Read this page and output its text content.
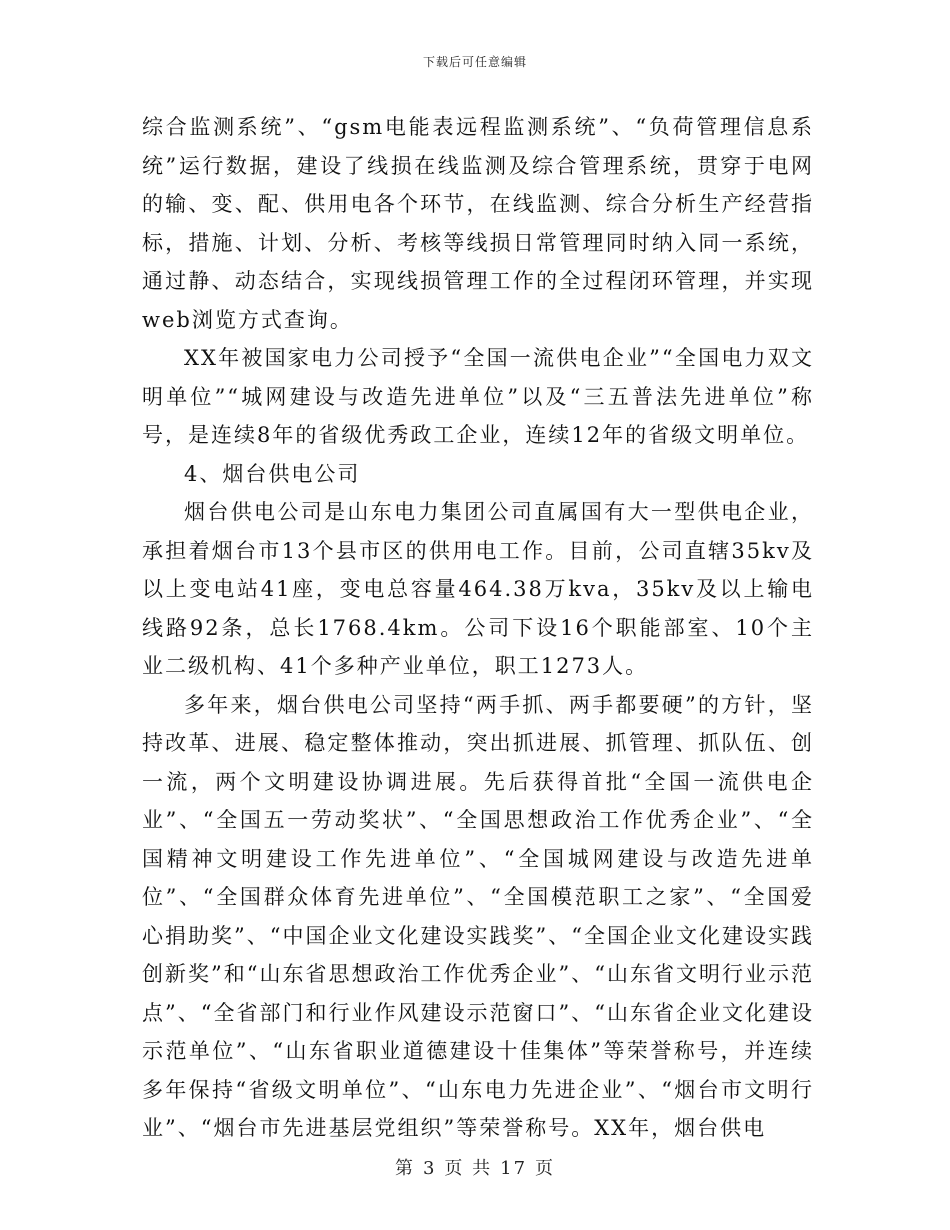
下载后可任意编辑

综合监测系统”、“gsm电能表远程监测系统”、“负荷管理信息系统”运行数据，建设了线损在线监测及综合管理系统，贯穿于电网的输、变、配、供用电各个环节，在线监测、综合分析生产经营指标，措施、计划、分析、考核等线损日常管理同时纳入同一系统，通过静、动态结合，实现线损管理工作的全过程闭环管理，并实现web浏览方式查询。

XX年被国家电力公司授予“全国一流供电企业”“全国电力双文明单位”“城网建设与改造先进单位”以及“三五普法先进单位”称号，是连续8年的省级优秀政工企业，连续12年的省级文明单位。

4、烟台供电公司

烟台供电公司是山东电力集团公司直属国有大一型供电企业，承担着烟台市13个县市区的供用电工作。目前，公司直辖35kv及以上变电站41座，变电总容量464.38万kva，35kv及以上输电线路92条，总长1768.4km。公司下设16个职能部室、10个主业二级机构、41个多种产业单位，职工1273人。

多年来，烟台供电公司坚持“两手抓、两手都要硬”的方针，坚持改革、进展、稳定整体推动，突出抓进展、抓管理、抓队伍、创一流，两个文明建设协调进展。先后获得首批“全国一流供电企业”、“全国五一劳动奖状”、“全国思想政治工作优秀企业”、“全国精神文明建设工作先进单位”、“全国城网建设与改造先进单位”、“全国群众体育先进单位”、“全国模范职工之家”、“全国爱心捐助奖”、“中国企业文化建设实践奖”、“全国企业文化建设实践创新奖”和“山东省思想政治工作优秀企业”、“山东省文明行业示范点”、“全省部门和行业作风建设示范窗口”、“山东省企业文化建设示范单位”、“山东省职业道德建设十佳集体”等荣誉称号，并连续多年保持“省级文明单位”、“山东电力先进企业”、“烟台市文明行业”、“烟台市先进基层党组织”等荣誉称号。XX年，烟台供电

第 3 页 共 17 页
